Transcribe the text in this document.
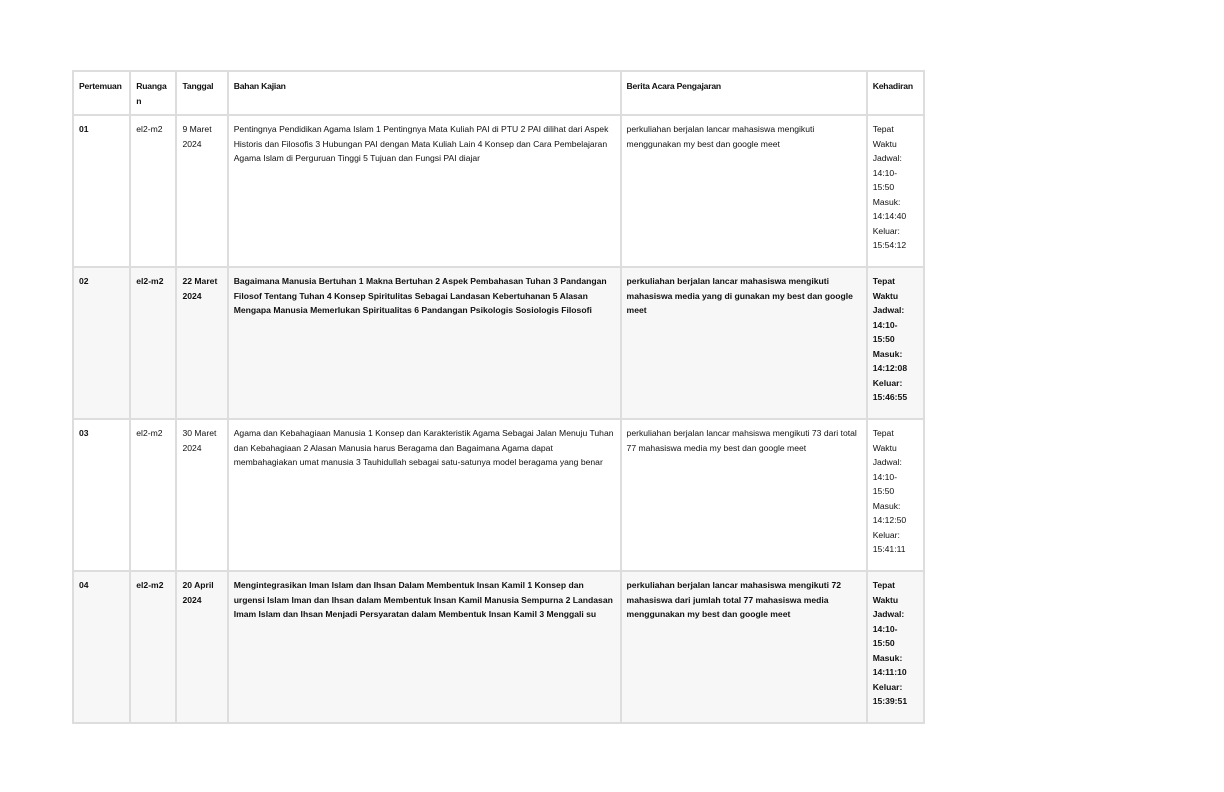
Pertemuan	Ruangan	Tanggal	Bahan Kajian	Berita Acara Pengajaran	Kehadiran
01	el2-m2	9 Maret 2024	Pentingnya Pendidikan Agama Islam 1 Pentingnya Mata Kuliah PAI di PTU 2 PAI dilihat dari Aspek Historis dan Filosofis 3 Hubungan PAI dengan Mata Kuliah Lain 4 Konsep dan Cara Pembelajaran Agama Islam di Perguruan Tinggi 5 Tujuan dan Fungsi PAI diajar	perkuliahan berjalan lancar mahasiswa mengikuti menggunakan my best dan google meet	Tepat Waktu Jadwal: 14:10-15:50 Masuk: 14:14:40 Keluar: 15:54:12
02	el2-m2	22 Maret 2024	Bagaimana Manusia Bertuhan 1 Makna Bertuhan 2 Aspek Pembahasan Tuhan 3 Pandangan Filosof Tentang Tuhan 4 Konsep Spiritulitas Sebagai Landasan Kebertuhanan 5 Alasan Mengapa Manusia Memerlukan Spiritualitas 6 Pandangan Psikologis Sosiologis Filosofi	perkuliahan berjalan lancar mahasiswa mengikuti mahasiswa media yang di gunakan my best dan google meet	Tepat Waktu Jadwal: 14:10-15:50 Masuk: 14:12:08 Keluar: 15:46:55
03	el2-m2	30 Maret 2024	Agama dan Kebahagiaan Manusia 1 Konsep dan Karakteristik Agama Sebagai Jalan Menuju Tuhan dan Kebahagiaan 2 Alasan Manusia harus Beragama dan Bagaimana Agama dapat membahagiakan umat manusia 3 Tauhidullah sebagai satu-satunya model beragama yang benar	perkuliahan berjalan lancar mahsiswa mengikuti 73 dari total 77 mahasiswa media my best dan google meet	Tepat Waktu Jadwal: 14:10-15:50 Masuk: 14:12:50 Keluar: 15:41:11
04	el2-m2	20 April 2024	Mengintegrasikan Iman Islam dan Ihsan Dalam Membentuk Insan Kamil 1 Konsep dan urgensi Islam Iman dan Ihsan dalam Membentuk Insan Kamil Manusia Sempurna 2 Landasan Imam Islam dan Ihsan Menjadi Persyaratan dalam Membentuk Insan Kamil 3 Menggali su	perkuliahan berjalan lancar mahasiswa mengikuti 72 mahasiswa dari jumlah total 77 mahasiswa media menggunakan my best dan google meet	Tepat Waktu Jadwal: 14:10-15:50 Masuk: 14:11:10 Keluar: 15:39:51
